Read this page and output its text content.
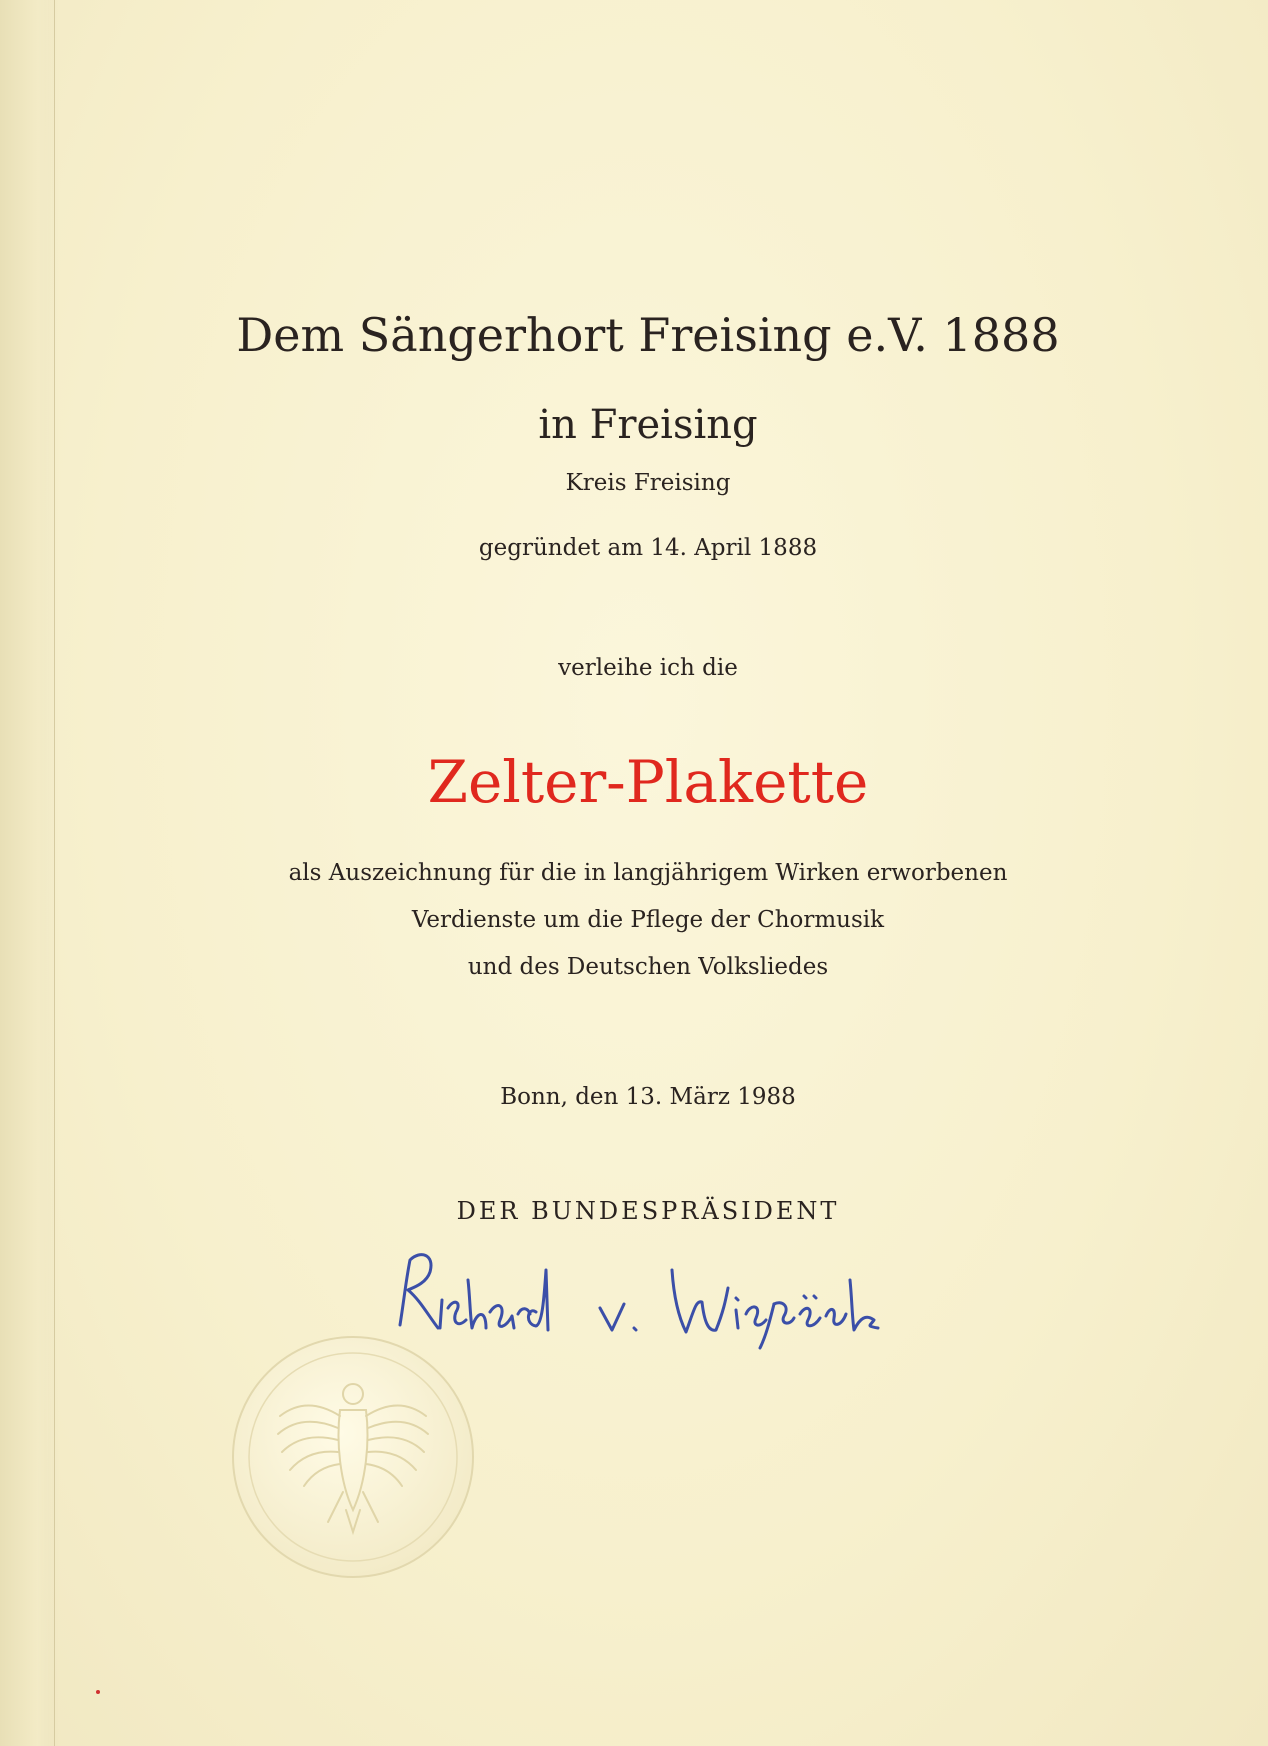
Dem Sängerhort Freising e.V. 1888
in Freising
Kreis Freising
gegründet am 14. April 1888
verleihe ich die
Zelter-Plakette
als Auszeichnung für die in langjährigem Wirken erworbenen
Verdienste um die Pflege der Chormusik
und des Deutschen Volksliedes
Bonn, den 13. März 1988
DER BUNDESPRÄSIDENT
